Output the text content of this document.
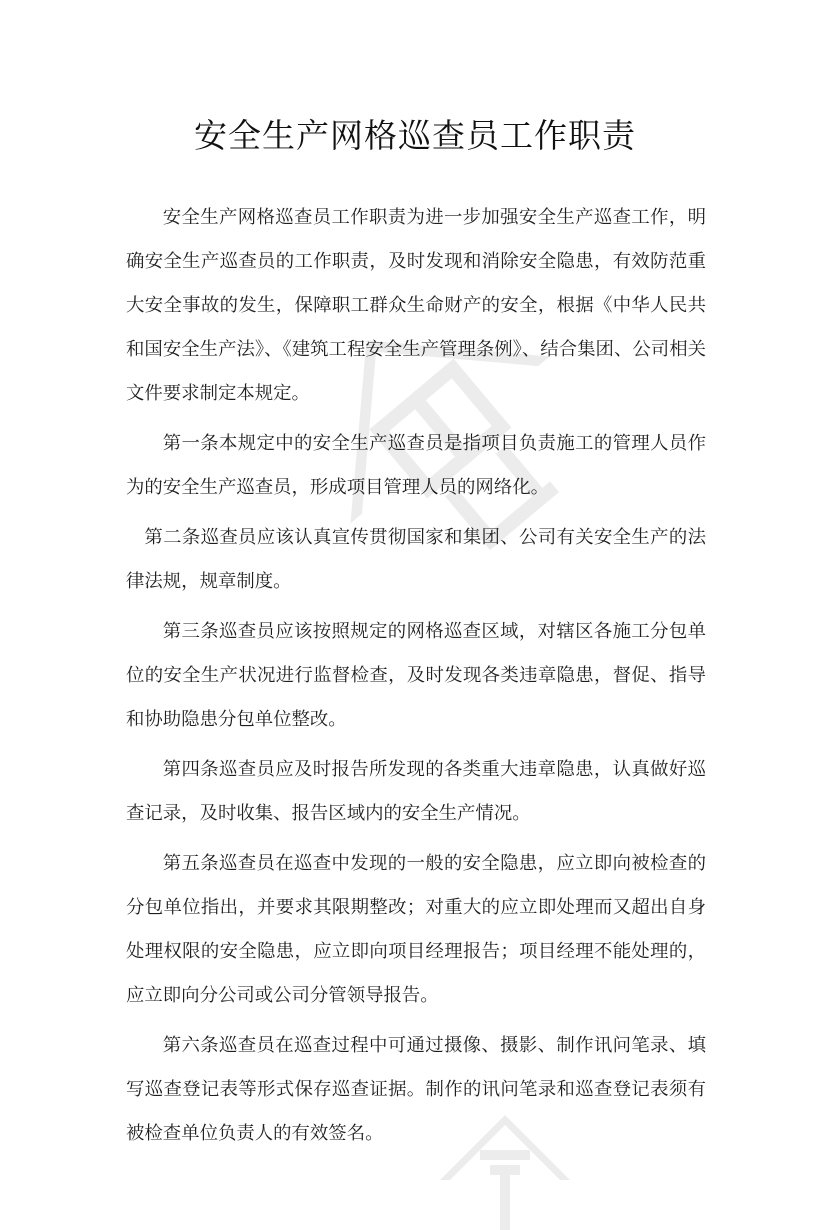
安全生产网格巡查员工作职责

安全生产网格巡查员工作职责为进一步加强安全生产巡查工作，明确安全生产巡查员的工作职责，及时发现和消除安全隐患，有效防范重大安全事故的发生，保障职工群众生命财产的安全，根据《中华人民共和国安全生产法》、《建筑工程安全生产管理条例》、结合集团、公司相关文件要求制定本规定。

第一条本规定中的安全生产巡查员是指项目负责施工的管理人员作为的安全生产巡查员，形成项目管理人员的网络化。

第二条巡查员应该认真宣传贯彻国家和集团、公司有关安全生产的法律法规，规章制度。

第三条巡查员应该按照规定的网格巡查区域，对辖区各施工分包单位的安全生产状况进行监督检查，及时发现各类违章隐患，督促、指导和协助隐患分包单位整改。

第四条巡查员应及时报告所发现的各类重大违章隐患，认真做好巡查记录，及时收集、报告区域内的安全生产情况。

第五条巡查员在巡查中发现的一般的安全隐患，应立即向被检查的分包单位指出，并要求其限期整改；对重大的应立即处理而又超出自身处理权限的安全隐患，应立即向项目经理报告；项目经理不能处理的，应立即向分公司或公司分管领导报告。

第六条巡查员在巡查过程中可通过摄像、摄影、制作讯问笔录、填写巡查登记表等形式保存巡查证据。制作的讯问笔录和巡查登记表须有被检查单位负责人的有效签名。
